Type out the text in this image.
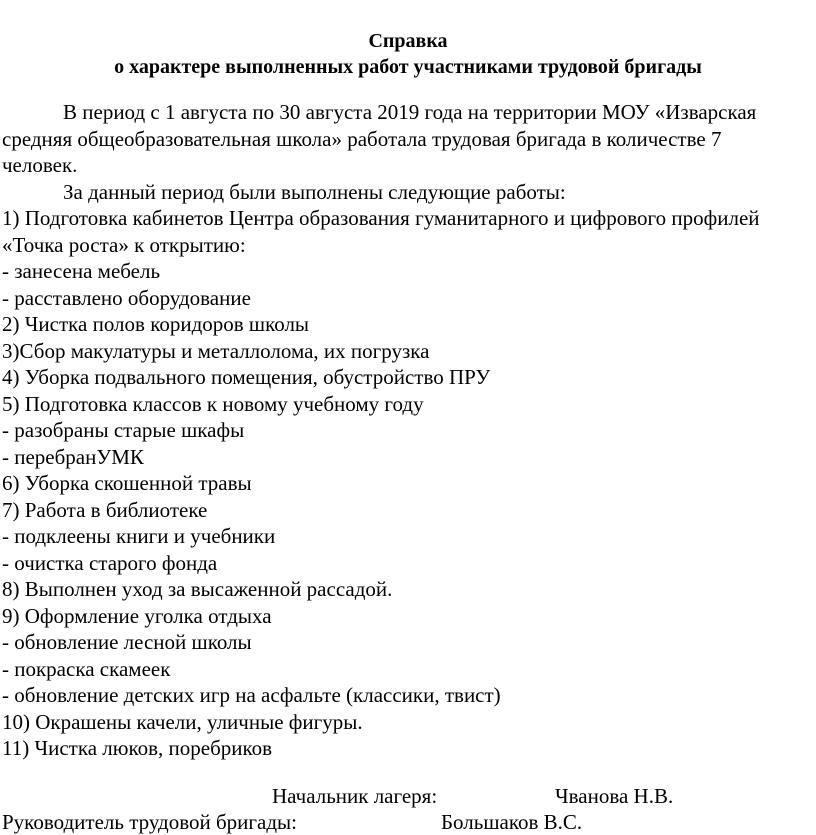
Справка
о характере выполненных работ участниками трудовой бригады

В период с 1 августа по 30 августа 2019 года на территории МОУ «Изварская средняя общеобразовательная школа» работала трудовая бригада в количестве 7 человек.

За данный период были выполнены следующие работы:

1) Подготовка кабинетов Центра образования гуманитарного и цифрового профилей «Точка роста» к открытию:

- занесена мебель

- расставлено оборудование

2) Чистка полов коридоров школы

3)Сбор макулатуры и металлолома, их погрузка

4) Уборка подвального помещения, обустройство ПРУ

5) Подготовка классов к новому учебному году

- разобраны старые шкафы

- перебранУМК

6) Уборка скошенной травы

7) Работа в библиотеке

- подклеены книги и учебники

- очистка старого фонда

8) Выполнен уход за высаженной рассадой.

9) Оформление уголка отдыха

- обновление лесной школы

- покраска скамеек

- обновление детских игр на асфальте (классики, твист)

10) Окрашены качели, уличные фигуры.

11) Чистка люков, поребриков

Начальник лагеря:	Чванова Н.В.
Руководитель трудовой бригады:	Большаков В.С.
